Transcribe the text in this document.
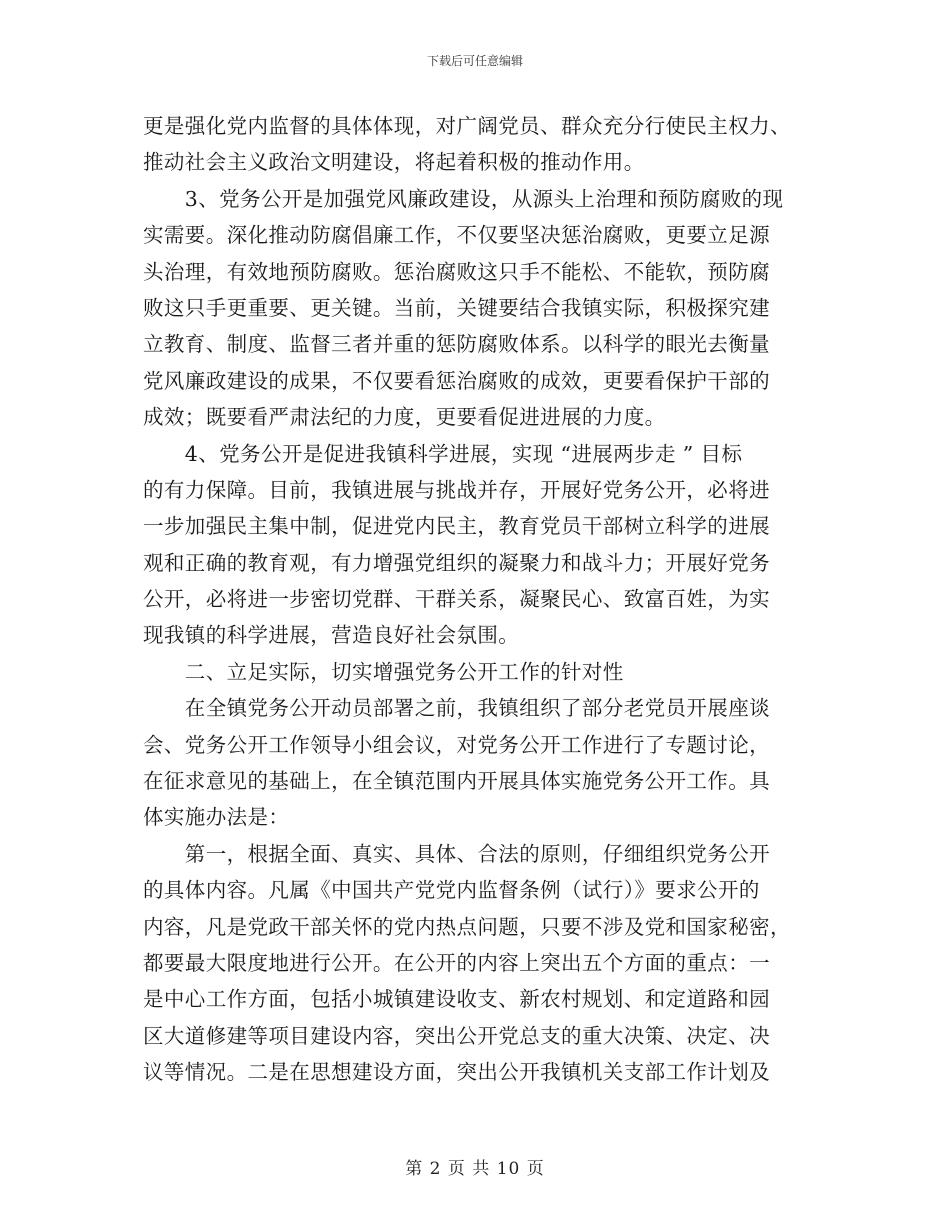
下载后可任意编辑
更是强化党内监督的具体体现，对广阔党员、群众充分行使民主权力、
推动社会主义政治文明建设，将起着积极的推动作用。
　　3、党务公开是加强党风廉政建设，从源头上治理和预防腐败的现
实需要。深化推动防腐倡廉工作，不仅要坚决惩治腐败，更要立足源
头治理，有效地预防腐败。惩治腐败这只手不能松、不能软，预防腐
败这只手更重要、更关键。当前，关键要结合我镇实际，积极探究建
立教育、制度、监督三者并重的惩防腐败体系。以科学的眼光去衡量
党风廉政建设的成果，不仅要看惩治腐败的成效，更要看保护干部的
成效；既要看严肃法纪的力度，更要看促进进展的力度。
　　4、党务公开是促进我镇科学进展，实现 “进展两步走 ” 目标
的有力保障。目前，我镇进展与挑战并存，开展好党务公开，必将进
一步加强民主集中制，促进党内民主，教育党员干部树立科学的进展
观和正确的教育观，有力增强党组织的凝聚力和战斗力；开展好党务
公开，必将进一步密切党群、干群关系，凝聚民心、致富百姓，为实
现我镇的科学进展，营造良好社会氛围。
　　二、立足实际，切实增强党务公开工作的针对性
　　在全镇党务公开动员部署之前，我镇组织了部分老党员开展座谈
会、党务公开工作领导小组会议，对党务公开工作进行了专题讨论，
在征求意见的基础上，在全镇范围内开展具体实施党务公开工作。具
体实施办法是：
　　第一，根据全面、真实、具体、合法的原则，仔细组织党务公开
的具体内容。凡属《中国共产党党内监督条例（试行）》要求公开的
内容，凡是党政干部关怀的党内热点问题，只要不涉及党和国家秘密，
都要最大限度地进行公开。在公开的内容上突出五个方面的重点：一
是中心工作方面，包括小城镇建设收支、新农村规划、和定道路和园
区大道修建等项目建设内容，突出公开党总支的重大决策、决定、决
议等情况。二是在思想建设方面，突出公开我镇机关支部工作计划及
第 2 页 共 10 页
